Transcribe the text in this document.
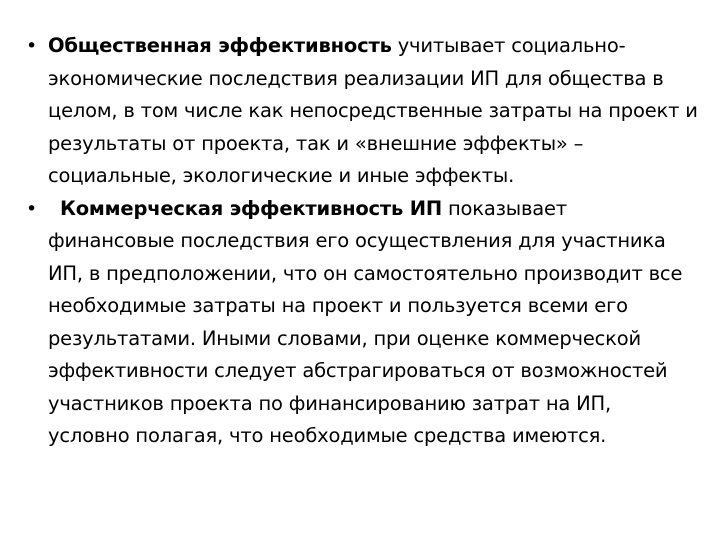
• Общественная эффективность учитывает социально-экономические последствия реализации ИП для общества в целом, в том числе как непосредственные затраты на проект и результаты от проекта, так и «внешние эффекты» – социальные, экологические и иные эффекты.
• Коммерческая эффективность ИП показывает финансовые последствия его осуществления для участника ИП, в предположении, что он самостоятельно производит все необходимые затраты на проект и пользуется всеми его результатами. Иными словами, при оценке коммерческой эффективности следует абстрагироваться от возможностей участников проекта по финансированию затрат на ИП, условно полагая, что необходимые средства имеются.
